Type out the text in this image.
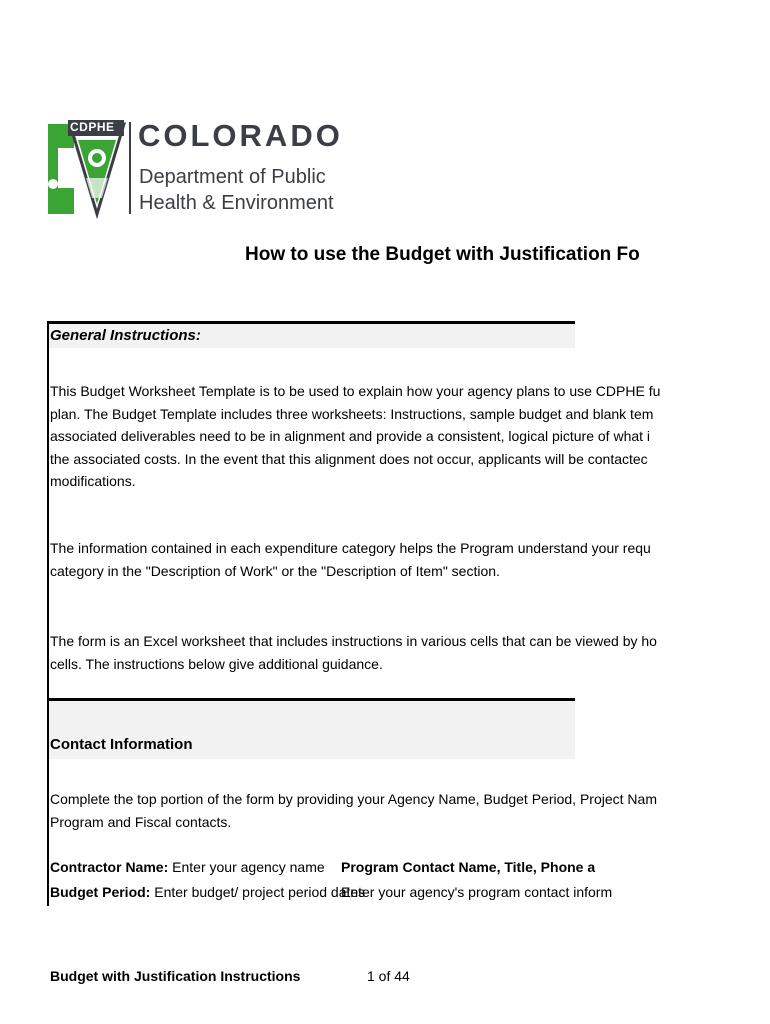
CDPHE COLORADO
Department of Public
Health & Environment
How to use the Budget with Justification Fo
General Instructions:
This Budget Worksheet Template is to be used to explain how your agency plans to use CDPHE fu
plan. The Budget Template includes three worksheets: Instructions, sample budget and blank tem
associated deliverables need to be in alignment and provide a consistent, logical picture of what i
the associated costs. In the event that this alignment does not occur, applicants will be contactec
modifications.
The information contained in each expenditure category helps the Program understand your requ
category in the "Description of Work" or the "Description of Item" section.
The form is an Excel worksheet that includes instructions in various cells that can be viewed by ho
cells. The instructions below give additional guidance.
Contact Information
Complete the top portion of the form by providing your Agency Name, Budget Period, Project Nam
Program and Fiscal contacts.
Contractor Name: Enter your agency name Program Contact Name, Title, Phone a
Budget Period: Enter budget/ project period dates
Enter your agency's program contact inform
Budget with Justification Instructions	1 of 44
